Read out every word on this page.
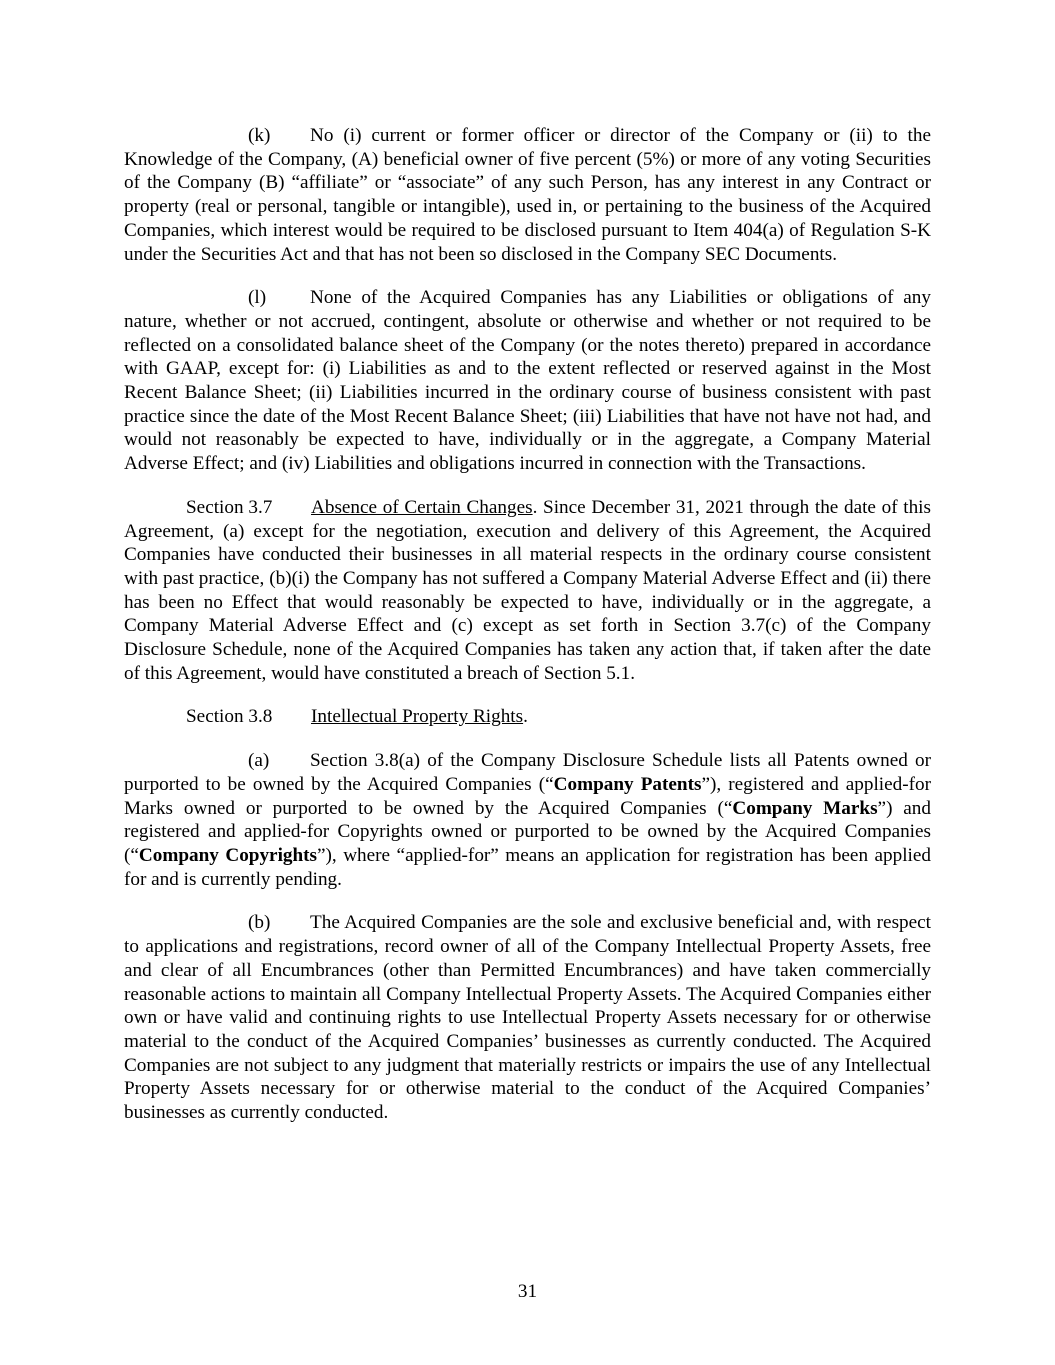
(k) No (i) current or former officer or director of the Company or (ii) to the Knowledge of the Company, (A) beneficial owner of five percent (5%) or more of any voting Securities of the Company (B) “affiliate” or “associate” of any such Person, has any interest in any Contract or property (real or personal, tangible or intangible), used in, or pertaining to the business of the Acquired Companies, which interest would be required to be disclosed pursuant to Item 404(a) of Regulation S-K under the Securities Act and that has not been so disclosed in the Company SEC Documents.

(l) None of the Acquired Companies has any Liabilities or obligations of any nature, whether or not accrued, contingent, absolute or otherwise and whether or not required to be reflected on a consolidated balance sheet of the Company (or the notes thereto) prepared in accordance with GAAP, except for: (i) Liabilities as and to the extent reflected or reserved against in the Most Recent Balance Sheet; (ii) Liabilities incurred in the ordinary course of business consistent with past practice since the date of the Most Recent Balance Sheet; (iii) Liabilities that have not have not had, and would not reasonably be expected to have, individually or in the aggregate, a Company Material Adverse Effect; and (iv) Liabilities and obligations incurred in connection with the Transactions.

Section 3.7 Absence of Certain Changes. Since December 31, 2021 through the date of this Agreement, (a) except for the negotiation, execution and delivery of this Agreement, the Acquired Companies have conducted their businesses in all material respects in the ordinary course consistent with past practice, (b)(i) the Company has not suffered a Company Material Adverse Effect and (ii) there has been no Effect that would reasonably be expected to have, individually or in the aggregate, a Company Material Adverse Effect and (c) except as set forth in Section 3.7(c) of the Company Disclosure Schedule, none of the Acquired Companies has taken any action that, if taken after the date of this Agreement, would have constituted a breach of Section 5.1.

Section 3.8 Intellectual Property Rights.

(a) Section 3.8(a) of the Company Disclosure Schedule lists all Patents owned or purported to be owned by the Acquired Companies (“Company Patents”), registered and applied-for Marks owned or purported to be owned by the Acquired Companies (“Company Marks”) and registered and applied-for Copyrights owned or purported to be owned by the Acquired Companies (“Company Copyrights”), where “applied-for” means an application for registration has been applied for and is currently pending.

(b) The Acquired Companies are the sole and exclusive beneficial and, with respect to applications and registrations, record owner of all of the Company Intellectual Property Assets, free and clear of all Encumbrances (other than Permitted Encumbrances) and have taken commercially reasonable actions to maintain all Company Intellectual Property Assets. The Acquired Companies either own or have valid and continuing rights to use Intellectual Property Assets necessary for or otherwise material to the conduct of the Acquired Companies’ businesses as currently conducted. The Acquired Companies are not subject to any judgment that materially restricts or impairs the use of any Intellectual Property Assets necessary for or otherwise material to the conduct of the Acquired Companies’ businesses as currently conducted.

31
